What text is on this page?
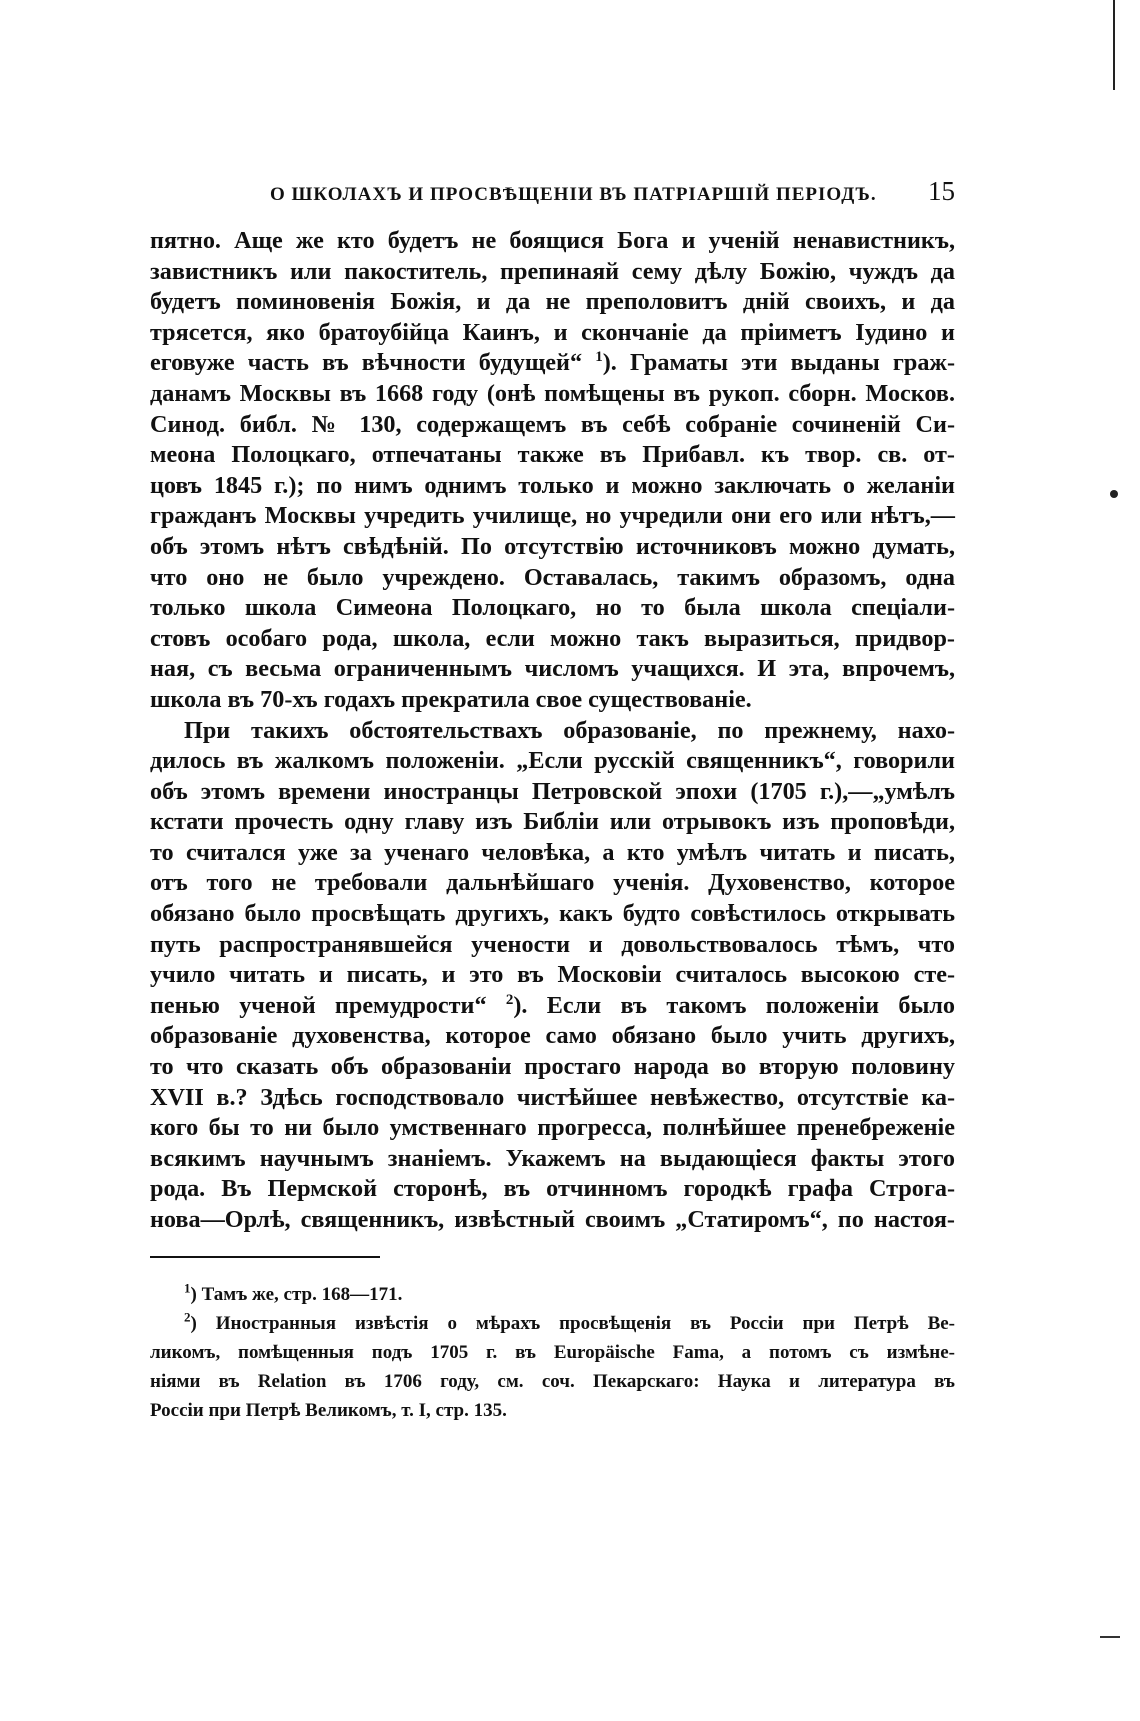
О ШКОЛАХЪ И ПРОСВѢЩЕНІИ ВЪ ПАТРІАРШІЙ ПЕРІОДЪ. 15

пятно. Аще же кто будетъ не боящися Бога и ученій ненавистникъ,
завистникъ или пакоститель, препинаяй сему дѣлу Божію, чуждъ да
будетъ поминовенія Божія, и да не преполовитъ дній своихъ, и да
трясется, яко братоубійца Каинъ, и скончаніе да пріиметъ Іудино и
еговуже часть въ вѣчности будущей“ $^1$). Граматы эти выданы граж-
данамъ Москвы въ 1668 году (онѣ помѣщены въ рукоп. сборн. Москов.
Синод. библ. № 130, содержащемъ въ себѣ собраніе сочиненій Си-
меона Полоцкаго, отпечатаны также въ Прибавл. къ твор. св. от-
цовъ 1845 г.); по нимъ однимъ только и можно заключать о желаніи
гражданъ Москвы учредить училище, но учредили они его или нѣтъ,—
объ этомъ нѣтъ свѣдѣній. По отсутствію источниковъ можно думать,
что оно не было учреждено. Оставалась, такимъ образомъ, одна
только школа Симеона Полоцкаго, но то была школа спеціали-
стовъ особаго рода, школа, если можно такъ выразиться, придвор-
ная, съ весьма ограниченнымъ числомъ учащихся. И эта, впрочемъ,
школа въ 70-хъ годахъ прекратила свое существованіе.

При такихъ обстоятельствахъ образованіе, по прежнему, нахо-
дилось въ жалкомъ положеніи. „Если русскій священникъ“, говорили
объ этомъ времени иностранцы Петровской эпохи (1705 г.),—„умѣлъ
кстати прочесть одну главу изъ Библіи или отрывокъ изъ проповѣди,
то считался уже за ученаго человѣка, а кто умѣлъ читать и писать,
отъ того не требовали дальнѣйшаго ученія. Духовенство, которое
обязано было просвѣщать другихъ, какъ будто совѣстилось открывать
путь распространявшейся учености и довольствовалось тѣмъ, что
учило читать и писать, и это въ Московіи считалось высокою сте-
пенью ученой премудрости“ $^2$). Если въ такомъ положеніи было
образованіе духовенства, которое само обязано было учить другихъ,
то что сказать объ образованіи простаго народа во вторую половину
XVII в.? Здѣсь господствовало чистѣйшее невѣжество, отсутствіе ка-
кого бы то ни было умственнаго прогресса, полнѣйшее пренебреженіе
всякимъ научнымъ знаніемъ. Укажемъ на выдающіеся факты этого
рода. Въ Пермской сторонѣ, въ отчинномъ городкѣ графа Строга-
нова—Орлѣ, священникъ, извѣстный своимъ „Статиромъ“, по настоя-

$^1$) Тамъ же, стр. 168—171.
$^2$) Иностранныя извѣстія о мѣрахъ просвѣщенія въ Россіи при Петрѣ Ве-
ликомъ, помѣщенныя подъ 1705 г. въ Europäische Fama, а потомъ съ измѣне-
ніями въ Relation въ 1706 году, см. соч. Пекарскаго: Наука и литература въ
Россіи при Петрѣ Великомъ, т. I, стр. 135.
